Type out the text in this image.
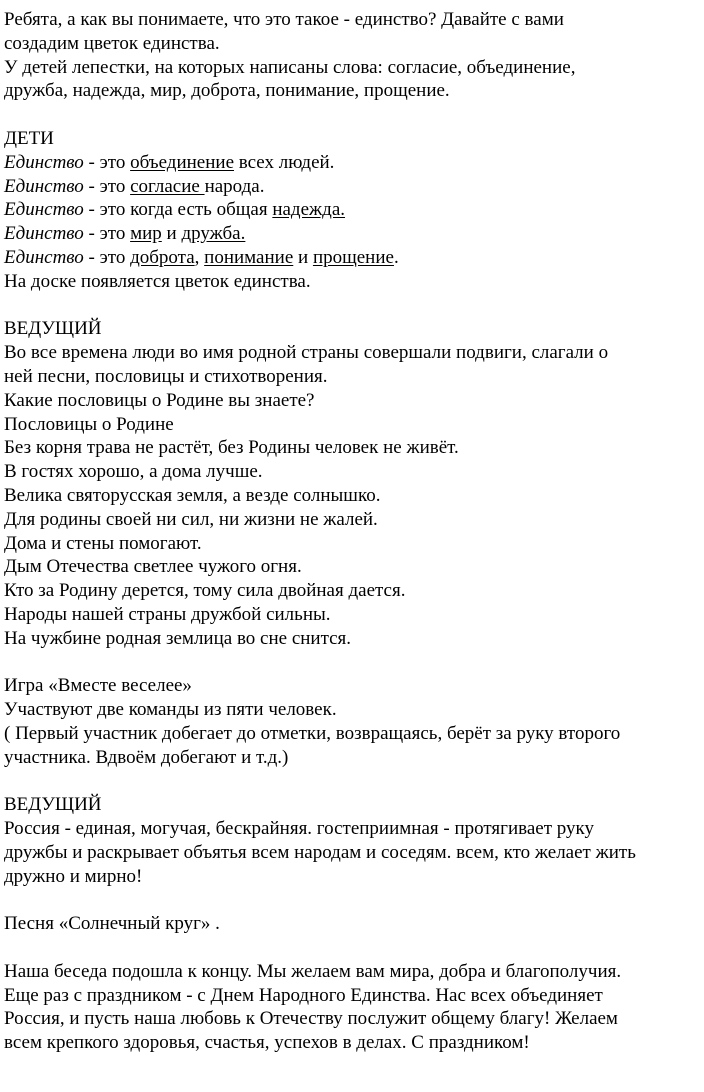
Ребята, а как вы понимаете, что это такое - единство? Давайте с вами
создадим цветок единства.
У детей лепестки, на которых написаны слова: согласие, объединение,
дружба, надежда, мир, доброта, понимание, прощение.
ДЕТИ
Единство - это объединение всех людей.
Единство - это согласие народа.
Единство - это когда есть общая надежда.
Единство - это мир и дружба.
Единство - это доброта, понимание и прощение.
На доске появляется цветок единства.
ВЕДУЩИЙ
Во все времена люди во имя родной страны совершали подвиги, слагали о
ней песни, пословицы и стихотворения.
Какие пословицы о Родине вы знаете?
Пословицы о Родине
Без корня трава не растёт, без Родины человек не живёт.
В гостях хорошо, а дома лучше.
Велика святорусская земля, а везде солнышко.
Для родины своей ни сил, ни жизни не жалей.
Дома и стены помогают.
Дым Отечества светлее чужого огня.
Кто за Родину дерется, тому сила двойная дается.
Народы нашей страны дружбой сильны.
На чужбине родная землица во сне снится.
Игра «Вместе веселее»
Участвуют две команды из пяти человек.
( Первый участник добегает до отметки, возвращаясь, берёт за руку второго
участника. Вдвоём добегают и т.д.)
ВЕДУЩИЙ
Россия - единая, могучая, бескрайняя. гостеприимная - протягивает руку
дружбы и раскрывает объятья всем народам и соседям. всем, кто желает жить
дружно и мирно!
Песня «Солнечный круг» .
Наша беседа подошла к концу. Мы желаем вам мира, добра и благополучия.
Еще раз с праздником - с Днем Народного Единства. Нас всех объединяет
Россия, и пусть наша любовь к Отечеству послужит общему благу! Желаем
всем крепкого здоровья, счастья, успехов в делах. С праздником!
